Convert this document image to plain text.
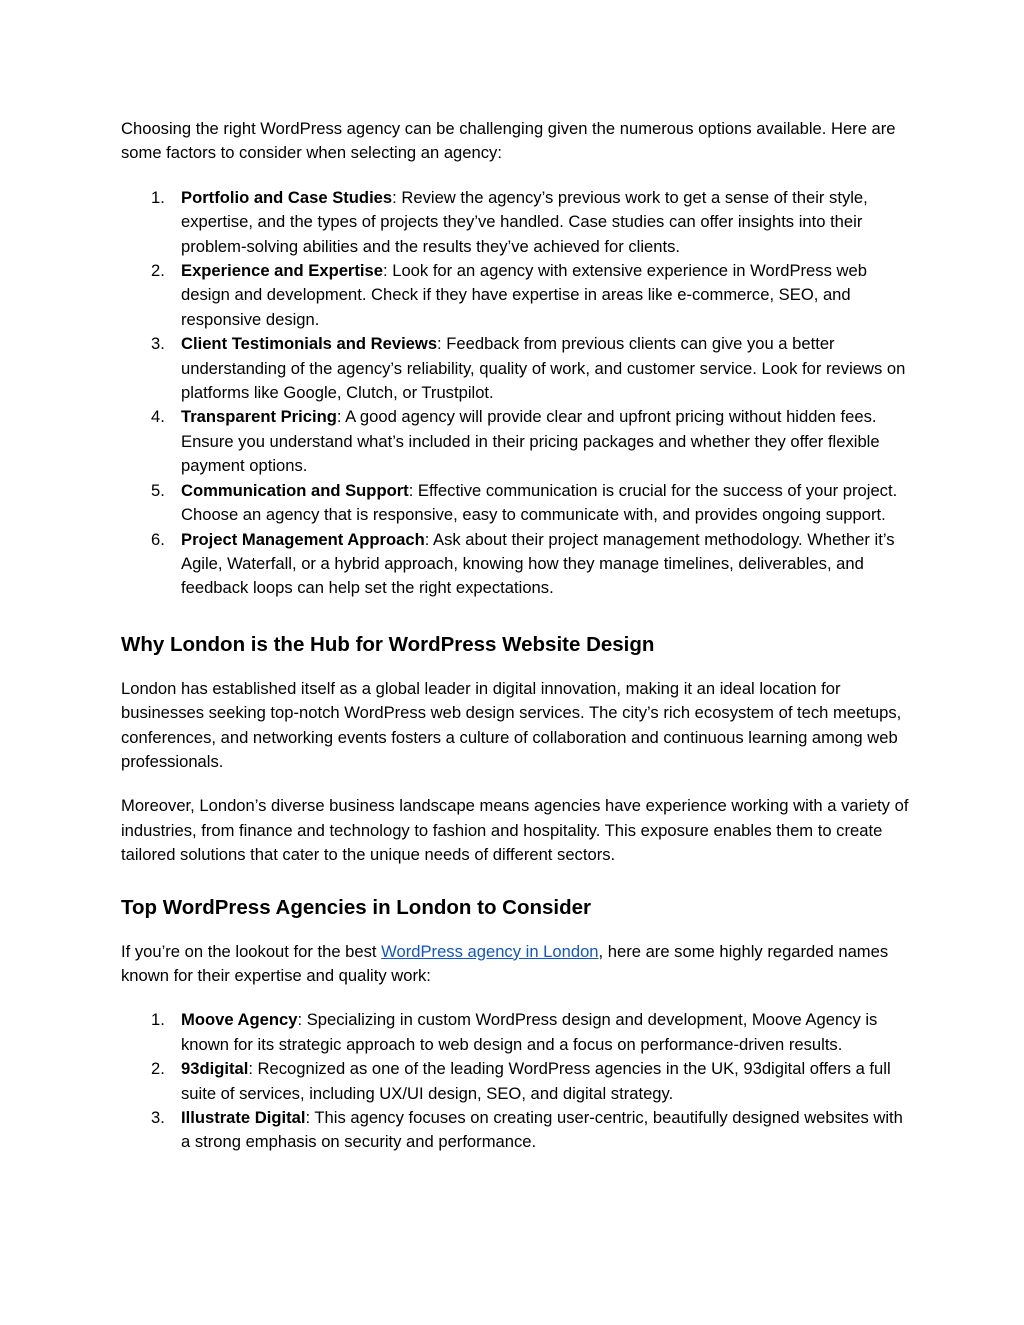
Choosing the right WordPress agency can be challenging given the numerous options available. Here are some factors to consider when selecting an agency:

1. Portfolio and Case Studies: Review the agency’s previous work to get a sense of their style, expertise, and the types of projects they’ve handled. Case studies can offer insights into their problem-solving abilities and the results they’ve achieved for clients.
2. Experience and Expertise: Look for an agency with extensive experience in WordPress web design and development. Check if they have expertise in areas like e-commerce, SEO, and responsive design.
3. Client Testimonials and Reviews: Feedback from previous clients can give you a better understanding of the agency’s reliability, quality of work, and customer service. Look for reviews on platforms like Google, Clutch, or Trustpilot.
4. Transparent Pricing: A good agency will provide clear and upfront pricing without hidden fees. Ensure you understand what’s included in their pricing packages and whether they offer flexible payment options.
5. Communication and Support: Effective communication is crucial for the success of your project. Choose an agency that is responsive, easy to communicate with, and provides ongoing support.
6. Project Management Approach: Ask about their project management methodology. Whether it’s Agile, Waterfall, or a hybrid approach, knowing how they manage timelines, deliverables, and feedback loops can help set the right expectations.
Why London is the Hub for WordPress Website Design

London has established itself as a global leader in digital innovation, making it an ideal location for businesses seeking top-notch WordPress web design services. The city’s rich ecosystem of tech meetups, conferences, and networking events fosters a culture of collaboration and continuous learning among web professionals.

Moreover, London’s diverse business landscape means agencies have experience working with a variety of industries, from finance and technology to fashion and hospitality. This exposure enables them to create tailored solutions that cater to the unique needs of different sectors.

Top WordPress Agencies in London to Consider

If you’re on the lookout for the best WordPress agency in London, here are some highly regarded names known for their expertise and quality work:

1. Moove Agency: Specializing in custom WordPress design and development, Moove Agency is known for its strategic approach to web design and a focus on performance-driven results.
2. 93digital: Recognized as one of the leading WordPress agencies in the UK, 93digital offers a full suite of services, including UX/UI design, SEO, and digital strategy.
3. Illustrate Digital: This agency focuses on creating user-centric, beautifully designed websites with a strong emphasis on security and performance.
